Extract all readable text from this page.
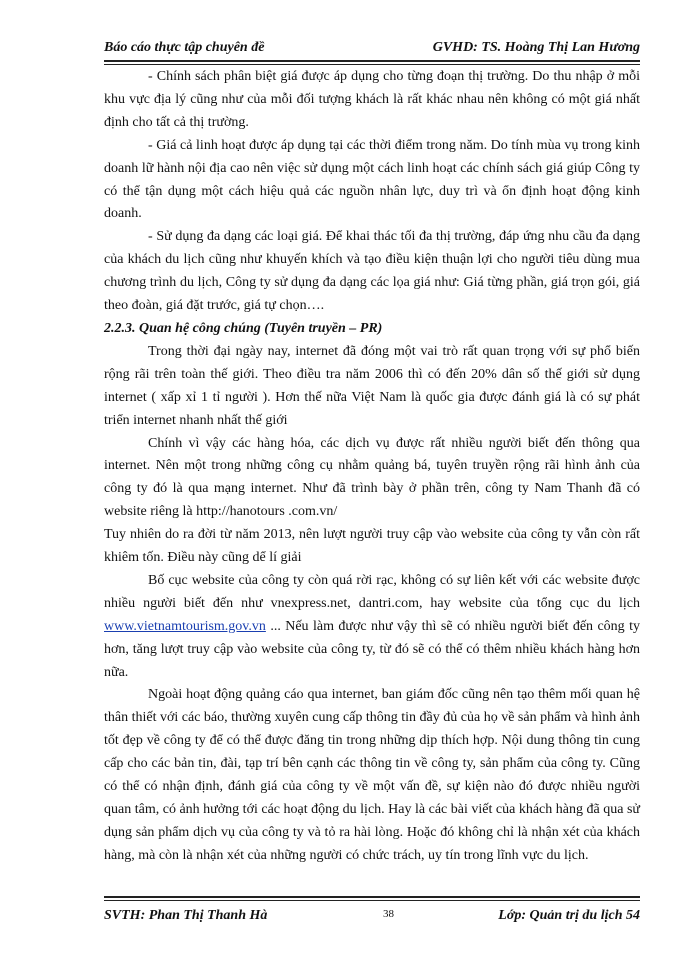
Báo cáo thực tập chuyên đề	GVHD: TS. Hoàng Thị Lan Hương

- Chính sách phân biệt giá được áp dụng cho từng đoạn thị trường. Do thu nhập ở mỗi khu vực địa lý cũng như của mỗi đối tượng khách là rất khác nhau nên không có một giá nhất định cho tất cả thị trường.

- Giá cả linh hoạt được áp dụng tại các thời điểm trong năm. Do tính mùa vụ trong kinh doanh lữ hành nội địa cao nên việc sử dụng một cách linh hoạt các chính sách giá giúp Công ty có thể tận dụng một cách hiệu quả các nguồn nhân lực, duy trì và ổn định hoạt động kinh doanh.

- Sử dụng đa dạng các loại giá. Để khai thác tối đa thị trường, đáp ứng nhu cầu đa dạng của khách du lịch cũng như khuyến khích và tạo điều kiện thuận lợi cho người tiêu dùng mua chương trình du lịch, Công ty sử dụng đa dạng các lọa giá như: Giá từng phần, giá trọn gói, giá theo đoàn, giá đặt trước, giá tự chọn….

2.2.3. Quan hệ công chúng (Tuyên truyền – PR)

Trong thời đại ngày nay, internet đã đóng một vai trò rất quan trọng với sự phổ biến rộng rãi trên toàn thế giới. Theo điều tra năm 2006 thì có đến 20% dân số thế giới sử dụng internet ( xấp xỉ 1 tỉ người ). Hơn thế nữa Việt Nam là quốc gia được đánh giá là có sự phát triển internet nhanh nhất thế giới

Chính vì vậy các hàng hóa, các dịch vụ được rất nhiều người biết đến thông qua internet. Nên một trong những công cụ nhằm quảng bá, tuyên truyền rộng rãi hình ảnh của công ty đó là qua mạng internet. Như đã trình bày ở phần trên, công ty Nam Thanh đã có website riêng là http://hanotours .com.vn/

Tuy nhiên do ra đời từ năm 2013, nên lượt người truy cập vào website của công ty vẫn còn rất khiêm tốn. Điều này cũng dể lí giải

Bố cục website của công ty còn quá rời rạc, không có sự liên kết với các website được nhiều người biết đến như vnexpress.net, dantri.com, hay website của tổng cục du lịch www.vietnamtourism.gov.vn ... Nếu làm được như vậy thì sẽ có nhiều người biết đến công ty hơn, tăng lượt truy cập vào website của công ty, từ đó sẽ có thể có thêm nhiều khách hàng hơn nữa.

Ngoài hoạt động quảng cáo qua internet, ban giám đốc cũng nên tạo thêm mối quan hệ thân thiết với các báo, thường xuyên cung cấp thông tin đầy đủ của họ về sản phẩm và hình ảnh tốt đẹp về công ty để có thể được đăng tin trong những dịp thích hợp. Nội dung thông tin cung cấp cho các bản tin, đài, tạp trí bên cạnh các thông tin về công ty, sản phẩm của công ty. Cũng có thể có nhận định, đánh giá của công ty về một vấn đề, sự kiện nào đó được nhiều người quan tâm, có ảnh hưởng tới các hoạt động du lịch. Hay là các bài viết của khách hàng đã qua sử dụng sản phẩm dịch vụ của công ty và tỏ ra hài lòng. Hoặc đó không chỉ là nhận xét của khách hàng, mà còn là nhận xét của những người có chức trách, uy tín trong lĩnh vực du lịch.

SVTH: Phan Thị Thanh Hà	38	Lớp: Quản trị du lịch 54
